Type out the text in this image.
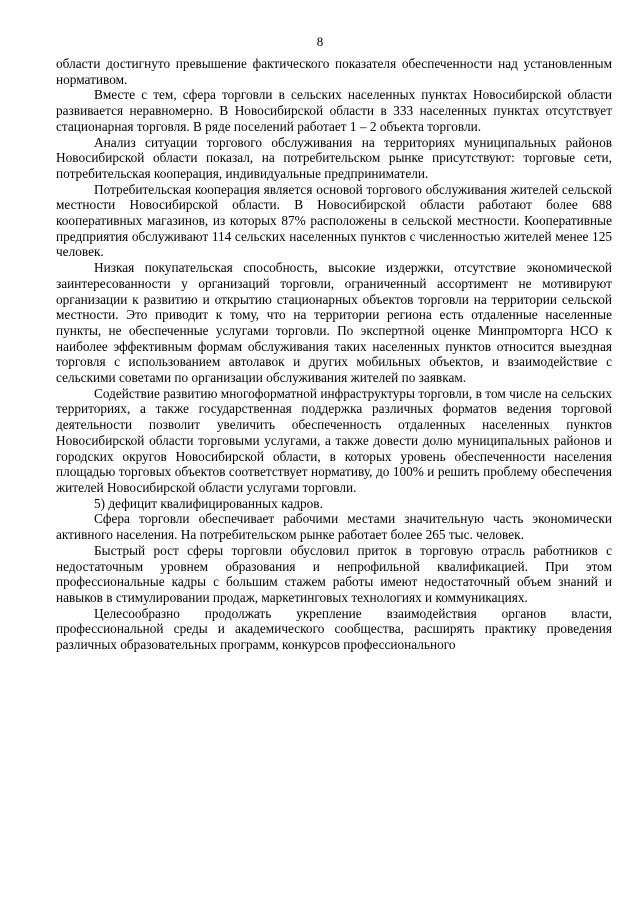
8

области достигнуто превышение фактического показателя обеспеченности над установленным нормативом.

Вместе с тем, сфера торговли в сельских населенных пунктах Новосибирской области развивается неравномерно. В Новосибирской области в 333 населенных пунктах отсутствует стационарная торговля. В ряде поселений работает 1 – 2 объекта торговли.

Анализ ситуации торгового обслуживания на территориях муниципальных районов Новосибирской области показал, на потребительском рынке присутствуют: торговые сети, потребительская кооперация, индивидуальные предприниматели.

Потребительская кооперация является основой торгового обслуживания жителей сельской местности Новосибирской области. В Новосибирской области работают более 688 кооперативных магазинов, из которых 87% расположены в сельской местности. Кооперативные предприятия обслуживают 114 сельских населенных пунктов с численностью жителей менее 125 человек.

Низкая покупательская способность, высокие издержки, отсутствие экономической заинтересованности у организаций торговли, ограниченный ассортимент не мотивируют организации к развитию и открытию стационарных объектов торговли на территории сельской местности. Это приводит к тому, что на территории региона есть отдаленные населенные пункты, не обеспеченные услугами торговли. По экспертной оценке Минпромторга НСО к наиболее эффективным формам обслуживания таких населенных пунктов относится выездная торговля с использованием автолавок и других мобильных объектов, и взаимодействие с сельскими советами по организации обслуживания жителей по заявкам.

Содействие развитию многоформатной инфраструктуры торговли, в том числе на сельских территориях, а также государственная поддержка различных форматов ведения торговой деятельности позволит увеличить обеспеченность отдаленных населенных пунктов Новосибирской области торговыми услугами, а также довести долю муниципальных районов и городских округов Новосибирской области, в которых уровень обеспеченности населения площадью торговых объектов соответствует нормативу, до 100% и решить проблему обеспечения жителей Новосибирской области услугами торговли.

5) дефицит квалифицированных кадров.

Сфера торговли обеспечивает рабочими местами значительную часть экономически активного населения. На потребительском рынке работает более 265 тыс. человек.

Быстрый рост сферы торговли обусловил приток в торговую отрасль работников с недостаточным уровнем образования и непрофильной квалификацией. При этом профессиональные кадры с большим стажем работы имеют недостаточный объем знаний и навыков в стимулировании продаж, маркетинговых технологиях и коммуникациях.

Целесообразно продолжать укрепление взаимодействия органов власти, профессиональной среды и академического сообщества, расширять практику проведения различных образовательных программ, конкурсов профессионального
